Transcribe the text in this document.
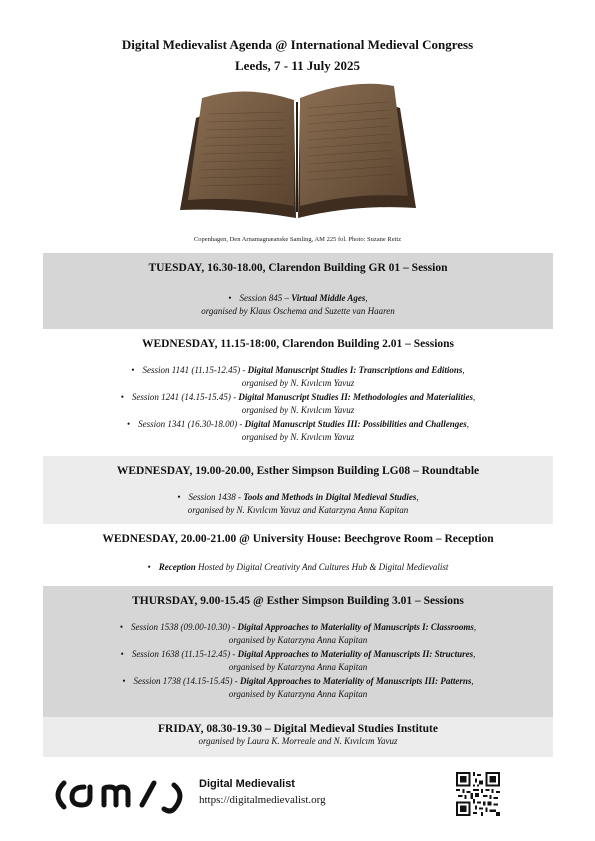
Digital Medievalist Agenda @ International Medieval Congress
Leeds, 7 - 11 July 2025
Copenhagen, Den Arnamagnæanske Samling, AM 225 fol. Photo: Suzane Reitz
TUESDAY, 16.30-18.00, Clarendon Building GR 01 – Session
• Session 845 – Virtual Middle Ages,
organised by Klaus Oschema and Suzette van Haaren
WEDNESDAY, 11.15-18:00, Clarendon Building 2.01 – Sessions
• Session 1141 (11.15-12.45) - Digital Manuscript Studies I: Transcriptions and Editions,
organised by N. Kıvılcım Yavuz
• Session 1241 (14.15-15.45) - Digital Manuscript Studies II: Methodologies and Materialities,
organised by N. Kıvılcım Yavuz
• Session 1341 (16.30-18.00) - Digital Manuscript Studies III: Possibilities and Challenges,
organised by N. Kıvılcım Yavuz
WEDNESDAY, 19.00-20.00, Esther Simpson Building LG08 – Roundtable
• Session 1438 - Tools and Methods in Digital Medieval Studies,
organised by N. Kıvılcım Yavuz and Katarzyna Anna Kapitan
WEDNESDAY, 20.00-21.00 @ University House: Beechgrove Room – Reception
• Reception Hosted by Digital Creativity And Cultures Hub & Digital Medievalist
THURSDAY, 9.00-15.45 @ Esther Simpson Building 3.01 – Sessions
• Session 1538 (09.00-10.30) - Digital Approaches to Materiality of Manuscripts I: Classrooms,
organised by Katarzyna Anna Kapitan
• Session 1638 (11.15-12.45) - Digital Approaches to Materiality of Manuscripts II: Structures,
organised by Katarzyna Anna Kapitan
• Session 1738 (14.15-15.45) - Digital Approaches to Materiality of Manuscripts III: Patterns,
organised by Katarzyna Anna Kapitan
FRIDAY, 08.30-19.30 – Digital Medieval Studies Institute
organised by Laura K. Morreale and N. Kıvılcım Yavuz
Digital Medievalist
https://digitalmedievalist.org
